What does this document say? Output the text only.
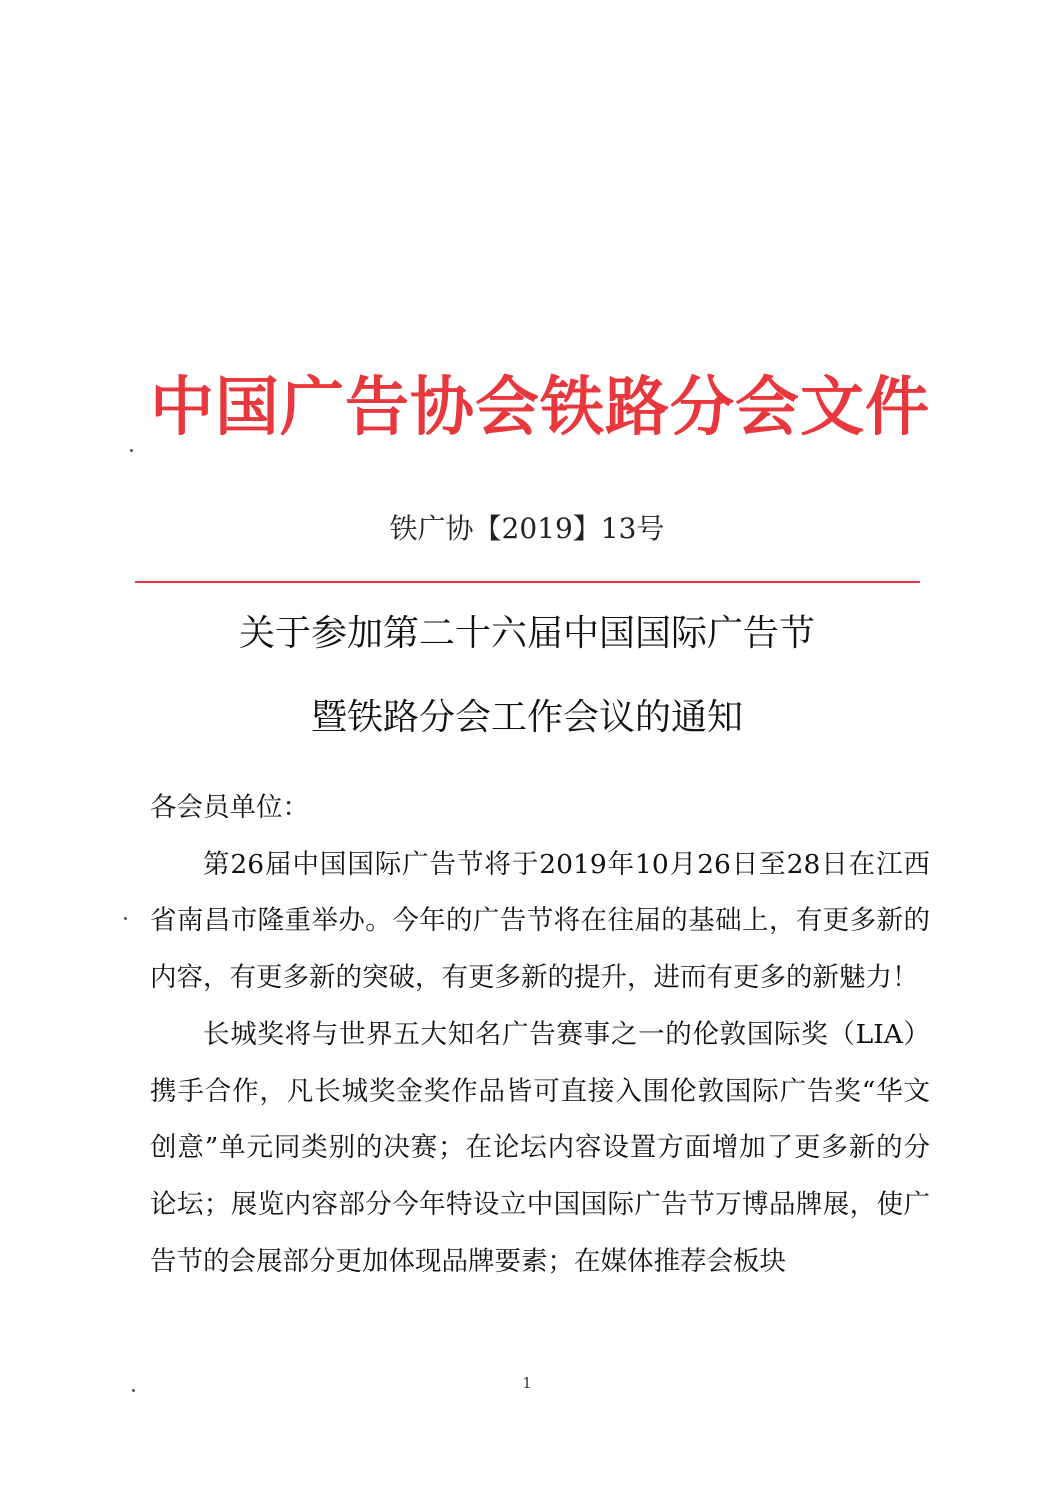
中国广告协会铁路分会文件
铁广协【2019】13号
关于参加第二十六届中国国际广告节
暨铁路分会工作会议的通知

各会员单位：

第26届中国国际广告节将于2019年10月26日至28日在江西省南昌市隆重举办。今年的广告节将在往届的基础上，有更多新的内容，有更多新的突破，有更多新的提升，进而有更多的新魅力！

长城奖将与世界五大知名广告赛事之一的伦敦国际奖（LIA）携手合作，凡长城奖金奖作品皆可直接入围伦敦国际广告奖“华文创意”单元同类别的决赛；在论坛内容设置方面增加了更多新的分论坛；展览内容部分今年特设立中国国际广告节万博品牌展，使广告节的会展部分更加体现品牌要素；在媒体推荐会板块

1
